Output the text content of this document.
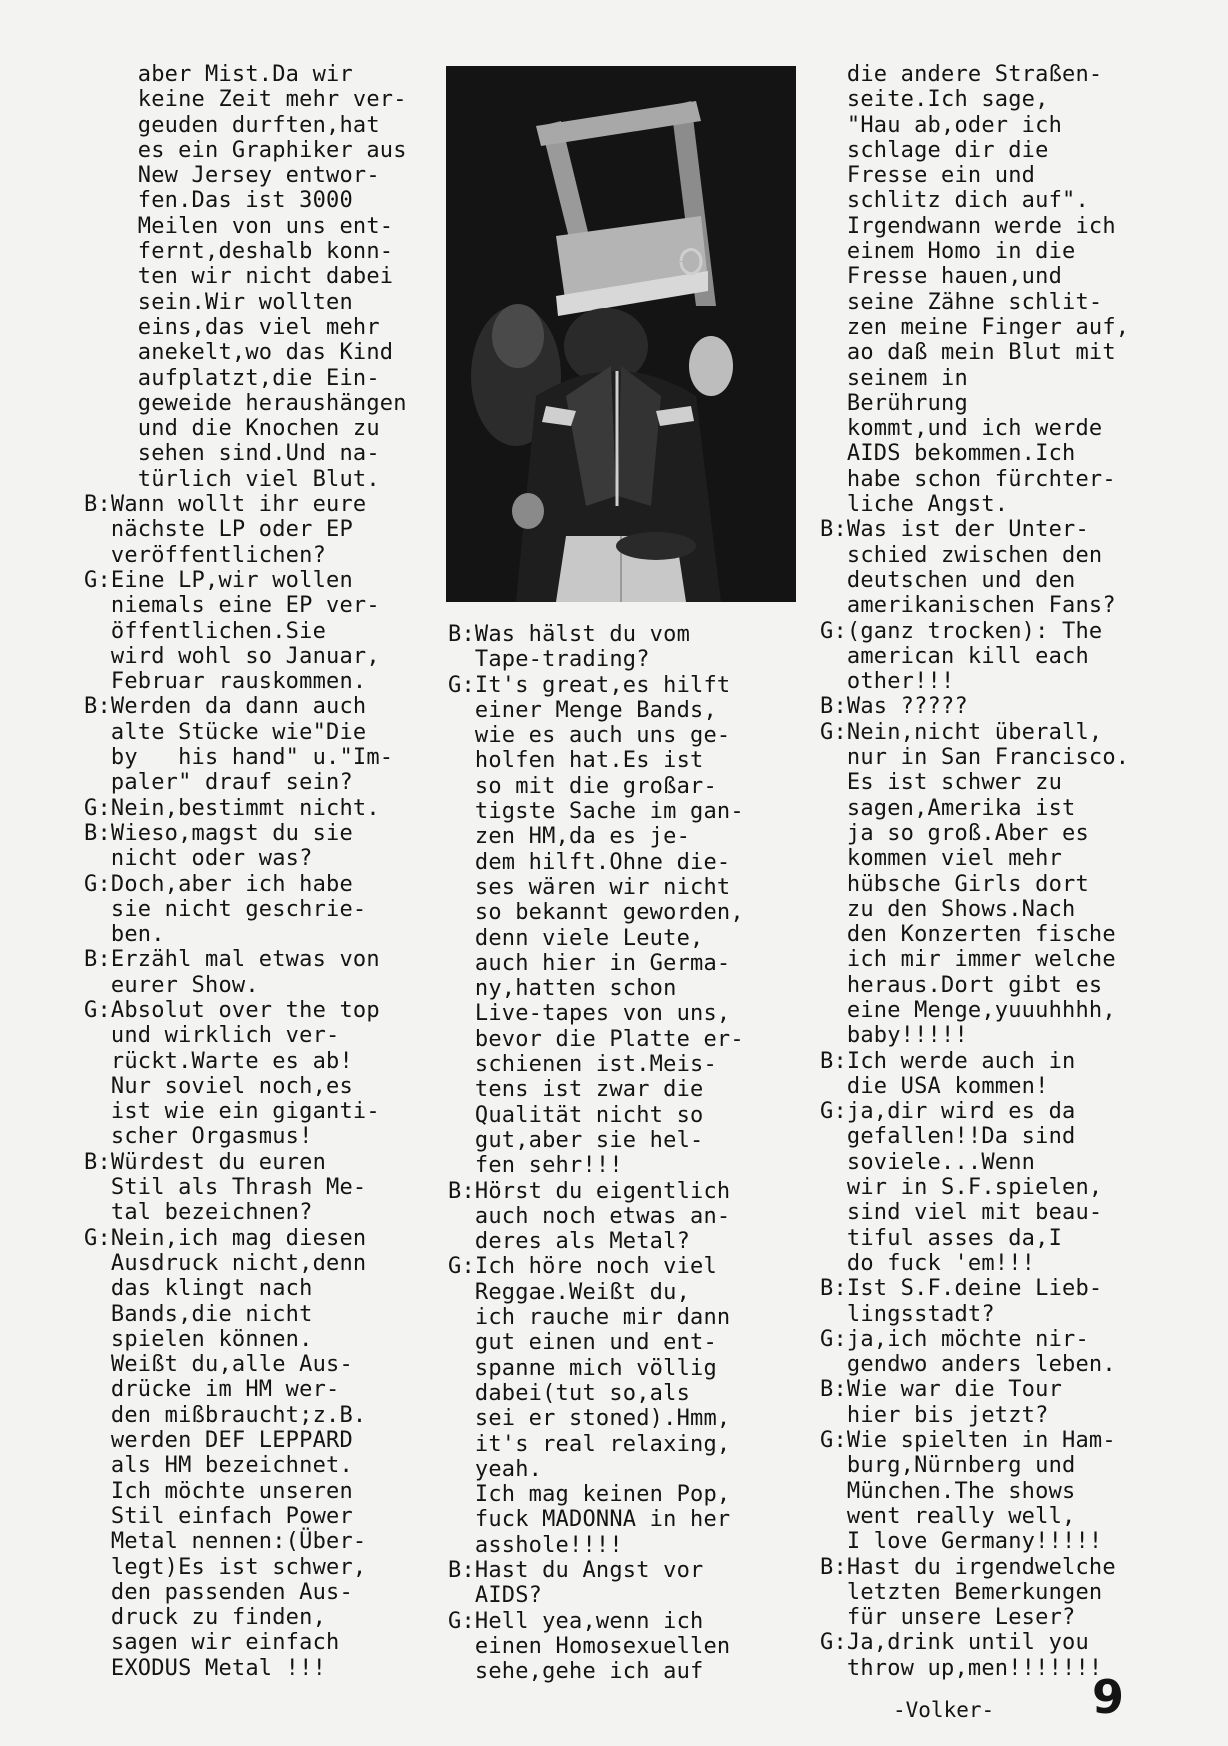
aber Mist.Da wir
keine Zeit mehr ver-
geuden durften,hat
es ein Graphiker aus
New Jersey entwor-
fen.Das ist 3000
Meilen von uns ent-
fernt,deshalb konn-
ten wir nicht dabei
sein.Wir wollten
eins,das viel mehr
anekelt,wo das Kind
aufplatzt,die Ein-
geweide heraushängen
und die Knochen zu
sehen sind.Und na-
türlich viel Blut.
B:Wann wollt ihr eure
nächste LP oder EP
veröffentlichen?
G:Eine LP,wir wollen
niemals eine EP ver-
öffentlichen.Sie
wird wohl so Januar,
Februar rauskommen.
B:Werden da dann auch
alte Stücke wie"Die
by   his hand" u."Im-
paler" drauf sein?
G:Nein,bestimmt nicht.
B:Wieso,magst du sie
nicht oder was?
G:Doch,aber ich habe
sie nicht geschrie-
ben.
B:Erzähl mal etwas von
eurer Show.
G:Absolut over the top
und wirklich ver-
rückt.Warte es ab!
Nur soviel noch,es
ist wie ein giganti-
scher Orgasmus!
B:Würdest du euren
Stil als Thrash Me-
tal bezeichnen?
G:Nein,ich mag diesen
Ausdruck nicht,denn
das klingt nach
Bands,die nicht
spielen können.
Weißt du,alle Aus-
drücke im HM wer-
den mißbraucht;z.B.
werden DEF LEPPARD
als HM bezeichnet.
Ich möchte unseren
Stil einfach Power
Metal nennen:(Über-
legt)Es ist schwer,
den passenden Aus-
druck zu finden,
sagen wir einfach
EXODUS Metal !!!
B:Was hälst du vom
Tape-trading?
G:It's great,es hilft
einer Menge Bands,
wie es auch uns ge-
holfen hat.Es ist
so mit die großar-
tigste Sache im gan-
zen HM,da es je-
dem hilft.Ohne die-
ses wären wir nicht
so bekannt geworden,
denn viele Leute,
auch hier in Germa-
ny,hatten schon
Live-tapes von uns,
bevor die Platte er-
schienen ist.Meis-
tens ist zwar die
Qualität nicht so
gut,aber sie hel-
fen sehr!!!
B:Hörst du eigentlich
auch noch etwas an-
deres als Metal?
G:Ich höre noch viel
Reggae.Weißt du,
ich rauche mir dann
gut einen und ent-
spanne mich völlig
dabei(tut so,als
sei er stoned).Hmm,
it's real relaxing,
yeah.
Ich mag keinen Pop,
fuck MADONNA in her
asshole!!!!
B:Hast du Angst vor
AIDS?
G:Hell yea,wenn ich
einen Homosexuellen
sehe,gehe ich auf
die andere Straßen-
seite.Ich sage,
"Hau ab,oder ich
schlage dir die
Fresse ein und
schlitz dich auf".
Irgendwann werde ich
einem Homo in die
Fresse hauen,und
seine Zähne schlit-
zen meine Finger auf,
ao daß mein Blut mit
seinem in
Berührung
kommt,und ich werde
AIDS bekommen.Ich
habe schon fürchter-
liche Angst.
B:Was ist der Unter-
schied zwischen den
deutschen und den
amerikanischen Fans?
G:(ganz trocken): The
american kill each
other!!!
B:Was ?????
G:Nein,nicht überall,
nur in San Francisco.
Es ist schwer zu
sagen,Amerika ist
ja so groß.Aber es
kommen viel mehr
hübsche Girls dort
zu den Shows.Nach
den Konzerten fische
ich mir immer welche
heraus.Dort gibt es
eine Menge,yuuuhhhh,
baby!!!!!
B:Ich werde auch in
die USA kommen!
G:ja,dir wird es da
gefallen!!Da sind
soviele...Wenn
wir in S.F.spielen,
sind viel mit beau-
tiful asses da,I
do fuck 'em!!!
B:Ist S.F.deine Lieb-
lingsstadt?
G:ja,ich möchte nir-
gendwo anders leben.
B:Wie war die Tour
hier bis jetzt?
G:Wie spielten in Ham-
burg,Nürnberg und
München.The shows
went really well,
I love Germany!!!!!
B:Hast du irgendwelche
letzten Bemerkungen
für unsere Leser?
G:Ja,drink until you
throw up,men!!!!!!!
-Volker- 9
